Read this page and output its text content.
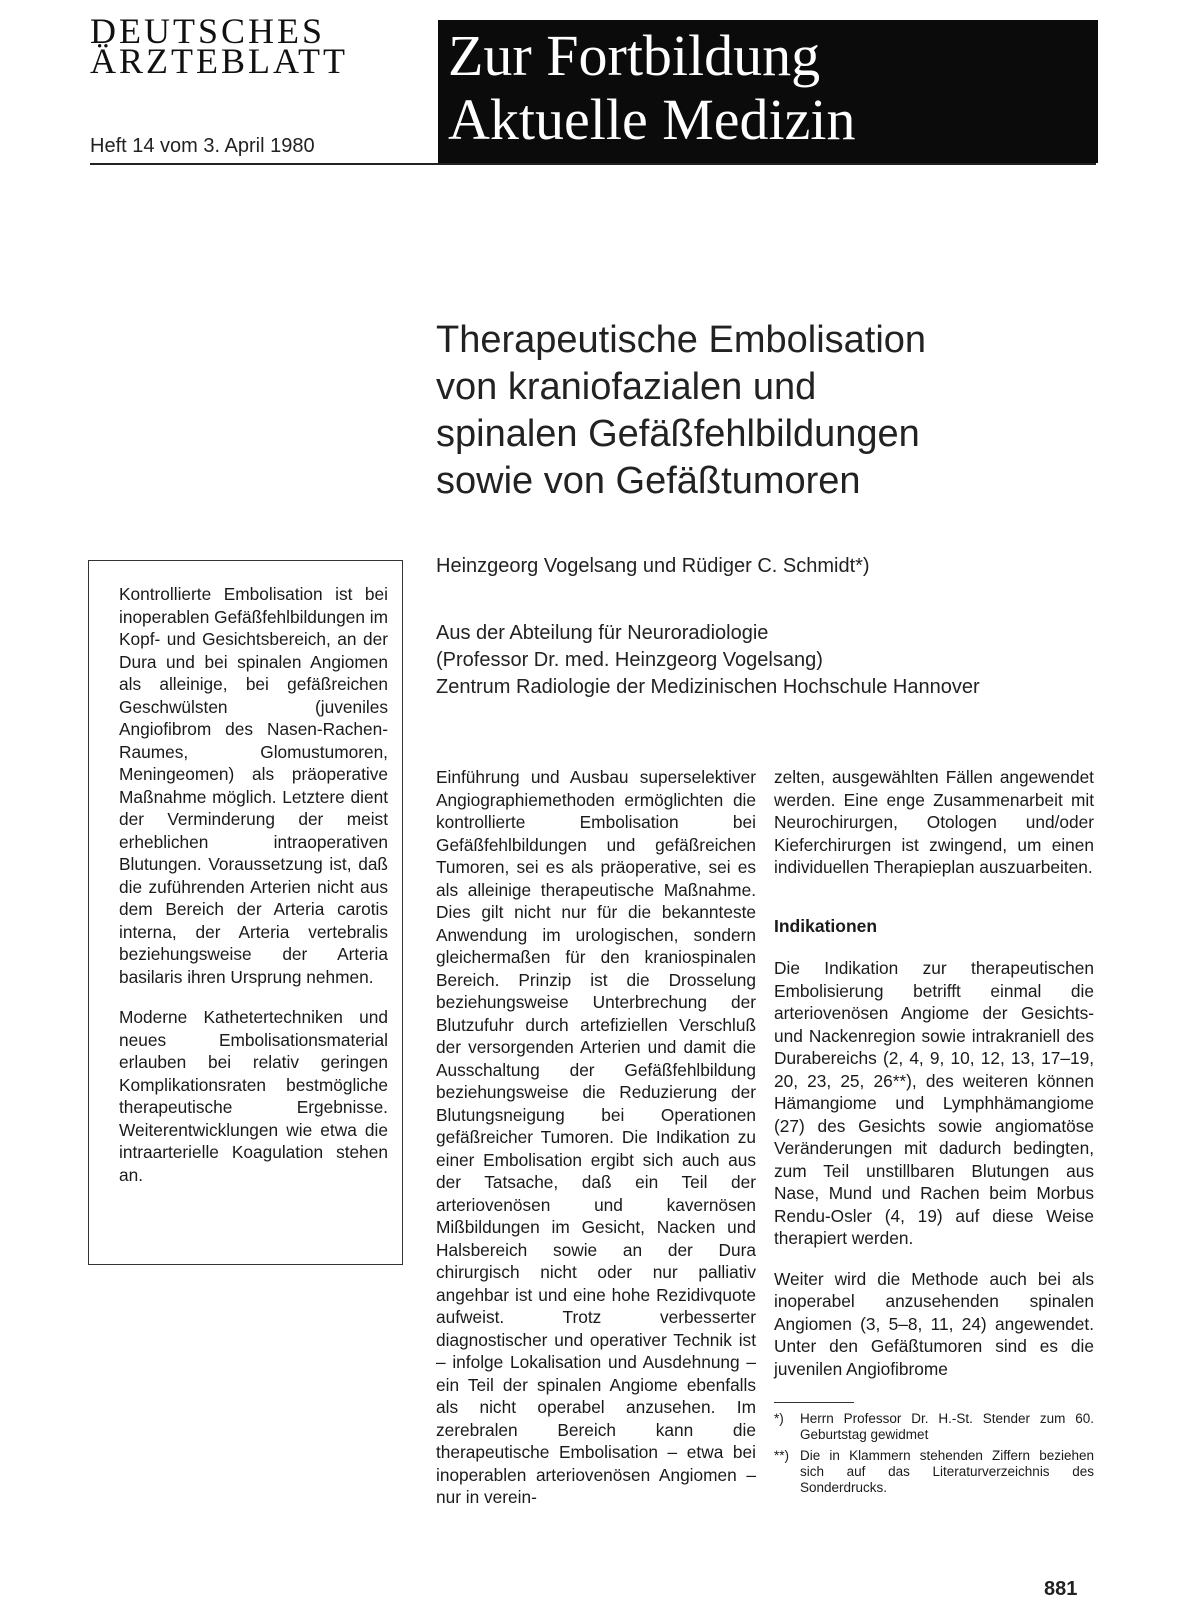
DEUTSCHES
ÄRZTEBLATT
Heft 14 vom 3. April 1980
Zur Fortbildung
Aktuelle Medizin
Therapeutische Embolisation
von kraniofazialen und
spinalen Gefäßfehlbildungen
sowie von Gefäßtumoren
Heinzgeorg Vogelsang und Rüdiger C. Schmidt*)
Aus der Abteilung für Neuroradiologie
(Professor Dr. med. Heinzgeorg Vogelsang)
Zentrum Radiologie der Medizinischen Hochschule Hannover

Kontrollierte Embolisation ist bei inoperablen Gefäßfehlbildungen im Kopf- und Gesichtsbereich, an der Dura und bei spinalen Angiomen als alleinige, bei gefäßreichen Geschwülsten (juveniles Angiofibrom des Nasen-Rachen-Raumes, Glomustumoren, Meningeomen) als präoperative Maßnahme möglich. Letztere dient der Verminderung der meist erheblichen intraoperativen Blutungen. Voraussetzung ist, daß die zuführenden Arterien nicht aus dem Bereich der Arteria carotis interna, der Arteria vertebralis beziehungsweise der Arteria basilaris ihren Ursprung nehmen.

Moderne Kathetertechniken und neues Embolisationsmaterial erlauben bei relativ geringen Komplikationsraten bestmögliche therapeutische Ergebnisse. Weiterentwicklungen wie etwa die intraarterielle Koagulation stehen an.

Einführung und Ausbau superselektiver Angiographiemethoden ermöglichten die kontrollierte Embolisation bei Gefäßfehlbildungen und gefäßreichen Tumoren, sei es als präoperative, sei es als alleinige therapeutische Maßnahme. Dies gilt nicht nur für die bekannteste Anwendung im urologischen, sondern gleichermaßen für den kraniospinalen Bereich. Prinzip ist die Drosselung beziehungsweise Unterbrechung der Blutzufuhr durch artefiziellen Verschluß der versorgenden Arterien und damit die Ausschaltung der Gefäßfehlbildung beziehungsweise die Reduzierung der Blutungsneigung bei Operationen gefäßreicher Tumoren. Die Indikation zu einer Embolisation ergibt sich auch aus der Tatsache, daß ein Teil der arteriovenösen und kavernösen Mißbildungen im Gesicht, Nacken und Halsbereich sowie an der Dura chirurgisch nicht oder nur palliativ angehbar ist und eine hohe Rezidivquote aufweist. Trotz verbesserter diagnostischer und operativer Technik ist – infolge Lokalisation und Ausdehnung – ein Teil der spinalen Angiome ebenfalls als nicht operabel anzusehen. Im zerebralen Bereich kann die therapeutische Embolisation – etwa bei inoperablen arteriovenösen Angiomen – nur in verein-

zelten, ausgewählten Fällen angewendet werden. Eine enge Zusammenarbeit mit Neurochirurgen, Otologen und/oder Kieferchirurgen ist zwingend, um einen individuellen Therapieplan auszuarbeiten.

Indikationen

Die Indikation zur therapeutischen Embolisierung betrifft einmal die arteriovenösen Angiome der Gesichts- und Nackenregion sowie intrakraniell des Durabereichs (2, 4, 9, 10, 12, 13, 17–19, 20, 23, 25, 26**), des weiteren können Hämangiome und Lymphhämangiome (27) des Gesichts sowie angiomatöse Veränderungen mit dadurch bedingten, zum Teil unstillbaren Blutungen aus Nase, Mund und Rachen beim Morbus Rendu-Osler (4, 19) auf diese Weise therapiert werden.

Weiter wird die Methode auch bei als inoperabel anzusehenden spinalen Angiomen (3, 5–8, 11, 24) angewendet. Unter den Gefäßtumoren sind es die juvenilen Angiofibrome

*)	Herrn Professor Dr. H.-St. Stender zum 60. Geburtstag gewidmet
**) Die in Klammern stehenden Ziffern beziehen sich auf das Literaturverzeichnis des Sonderdrucks.
881
